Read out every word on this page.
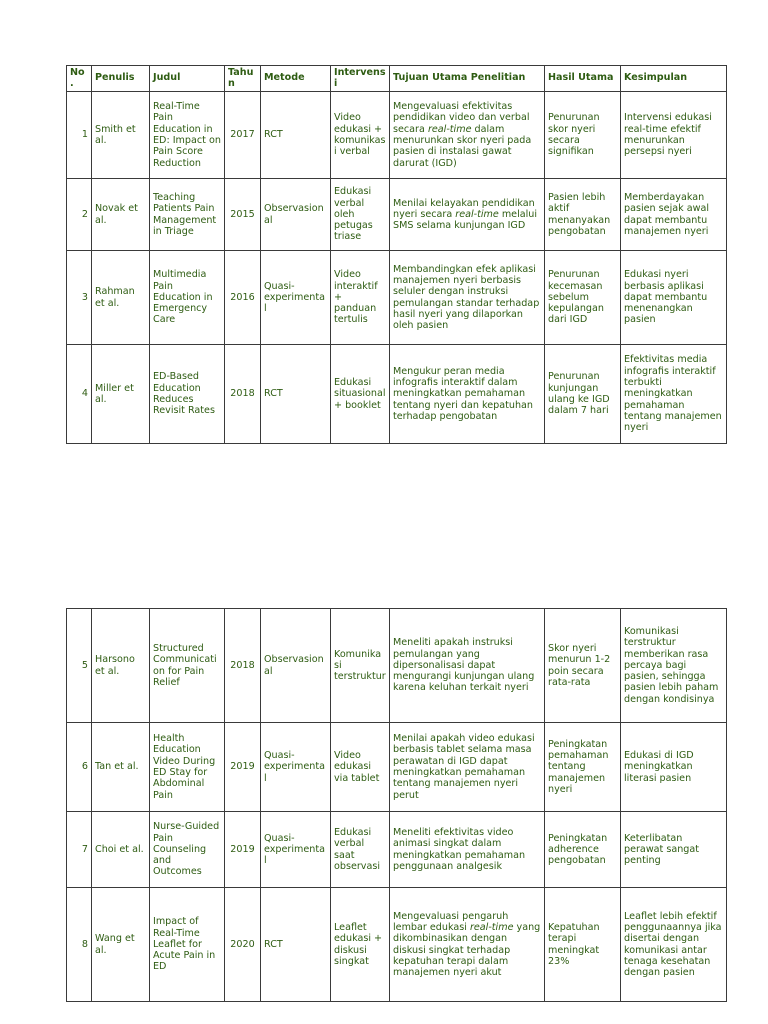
No.	Penulis	Judul	Tahun	Metode	Intervensi	Tujuan Utama Penelitian	Hasil Utama	Kesimpulan
1	Smith et al.	Real-Time Pain Education in ED: Impact on Pain Score Reduction	2017	RCT	Video edukasi + komunikasi verbal	Mengevaluasi efektivitas pendidikan video dan verbal secara real-time dalam menurunkan skor nyeri pada pasien di instalasi gawat darurat (IGD)	Penurunan skor nyeri secara signifikan	Intervensi edukasi real-time efektif menurunkan persepsi nyeri
2	Novak et al.	Teaching Patients Pain Management in Triage	2015	Observasional	Edukasi verbal oleh petugas triase	Menilai kelayakan pendidikan nyeri secara real-time melalui SMS selama kunjungan IGD	Pasien lebih aktif menanyakan pengobatan	Memberdayakan pasien sejak awal dapat membantu manajemen nyeri
3	Rahman et al.	Multimedia Pain Education in Emergency Care	2016	Quasi-experimental	Video interaktif + panduan tertulis	Membandingkan efek aplikasi manajemen nyeri berbasis seluler dengan instruksi pemulangan standar terhadap hasil nyeri yang dilaporkan oleh pasien	Penurunan kecemasan sebelum kepulangan dari IGD	Edukasi nyeri berbasis aplikasi dapat membantu menenangkan pasien
4	Miller et al.	ED-Based Education Reduces Revisit Rates	2018	RCT	Edukasi situasional + booklet	Mengukur peran media infografis interaktif dalam meningkatkan pemahaman tentang nyeri dan kepatuhan terhadap pengobatan	Penurunan kunjungan ulang ke IGD dalam 7 hari	Efektivitas media infografis interaktif terbukti meningkatkan pemahaman tentang manajemen nyeri
5	Harsono et al.	Structured Communication for Pain Relief	2018	Observasional	Komunikasi terstruktur	Meneliti apakah instruksi pemulangan yang dipersonalisasi dapat mengurangi kunjungan ulang karena keluhan terkait nyeri	Skor nyeri menurun 1-2 poin secara rata-rata	Komunikasi terstruktur memberikan rasa percaya bagi pasien, sehingga pasien lebih paham dengan kondisinya
6	Tan et al.	Health Education Video During ED Stay for Abdominal Pain	2019	Quasi-experimental	Video edukasi via tablet	Menilai apakah video edukasi berbasis tablet selama masa perawatan di IGD dapat meningkatkan pemahaman tentang manajemen nyeri perut	Peningkatan pemahaman tentang manajemen nyeri	Edukasi di IGD meningkatkan literasi pasien
7	Choi et al.	Nurse-Guided Pain Counseling and Outcomes	2019	Quasi-experimental	Edukasi verbal saat observasi	Meneliti efektivitas video animasi singkat dalam meningkatkan pemahaman penggunaan analgesik	Peningkatan adherence pengobatan	Keterlibatan perawat sangat penting
8	Wang et al.	Impact of Real-Time Leaflet for Acute Pain in ED	2020	RCT	Leaflet edukasi + diskusi singkat	Mengevaluasi pengaruh lembar edukasi real-time yang dikombinasikan dengan diskusi singkat terhadap kepatuhan terapi dalam manajemen nyeri akut	Kepatuhan terapi meningkat 23%	Leaflet lebih efektif penggunaannya jika disertai dengan komunikasi antar tenaga kesehatan dengan pasien
